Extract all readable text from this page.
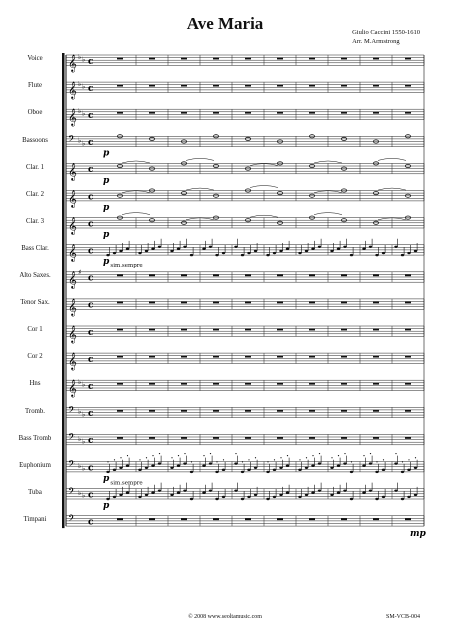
Ave Maria	Giulio Caccini 1550-1610
Arr. M.Armstrong
Voice
Flute
Oboe
Bassoons
Clar. 1
Clar. 2
Clar. 3
Bass Clar.
Alto Saxes.
Tenor Sax.
Cor 1
Cor 2
Hns
Tromb.
Bass Tromb
Euphonium
Tuba
Timpani
𝄞 ♭ ♭ c
𝄞 ♭ ♭ c
𝄞 ♭ ♭ c
𝄢 ♭ ♭ c
p
𝄞 c
p
𝄞 c
p
𝄞 c
p
𝄞 c
p sim.sempre
𝄞 ♯
c
𝄞 c
𝄞 c
𝄞 c
𝄞 ♭ ♭ c
𝄢 ♭ ♭ c
𝄢 ♭ ♭ c
𝄢 ♭ ♭ c
p
𝄢 ♭ ♭ c
p
sim.sempre
𝄢 c
mp
© 2008 www.seoltamusic.com	SM-VCB-004
